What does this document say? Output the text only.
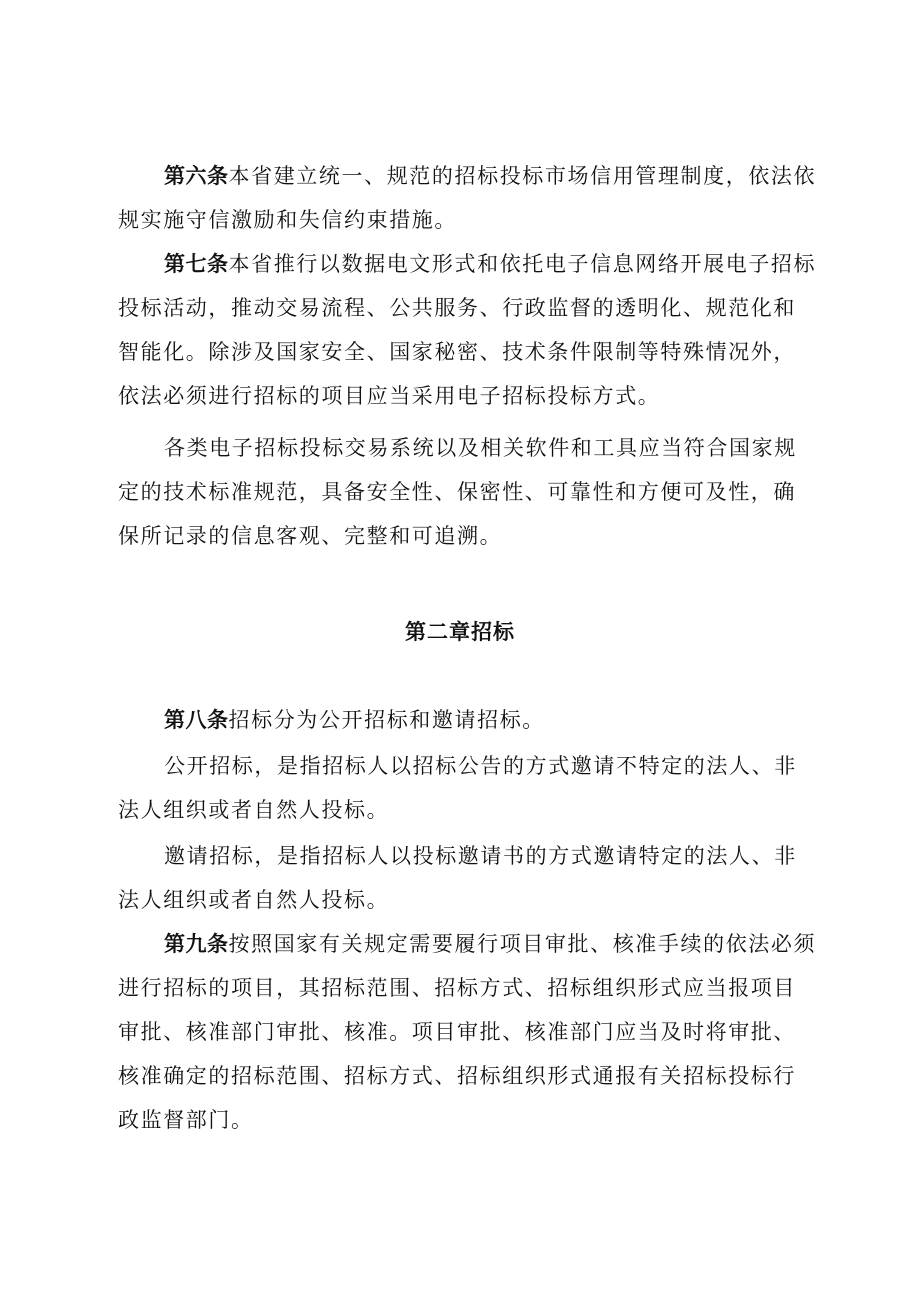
第六条本省建立统一、规范的招标投标市场信用管理制度，依法依规实施守信激励和失信约束措施。

第七条本省推行以数据电文形式和依托电子信息网络开展电子招标投标活动，推动交易流程、公共服务、行政监督的透明化、规范化和智能化。除涉及国家安全、国家秘密、技术条件限制等特殊情况外，依法必须进行招标的项目应当采用电子招标投标方式。

各类电子招标投标交易系统以及相关软件和工具应当符合国家规定的技术标准规范，具备安全性、保密性、可靠性和方便可及性，确保所记录的信息客观、完整和可追溯。

第二章招标

第八条招标分为公开招标和邀请招标。

公开招标，是指招标人以招标公告的方式邀请不特定的法人、非法人组织或者自然人投标。

邀请招标，是指招标人以投标邀请书的方式邀请特定的法人、非法人组织或者自然人投标。

第九条按照国家有关规定需要履行项目审批、核准手续的依法必须进行招标的项目，其招标范围、招标方式、招标组织形式应当报项目审批、核准部门审批、核准。项目审批、核准部门应当及时将审批、核准确定的招标范围、招标方式、招标组织形式通报有关招标投标行政监督部门。
